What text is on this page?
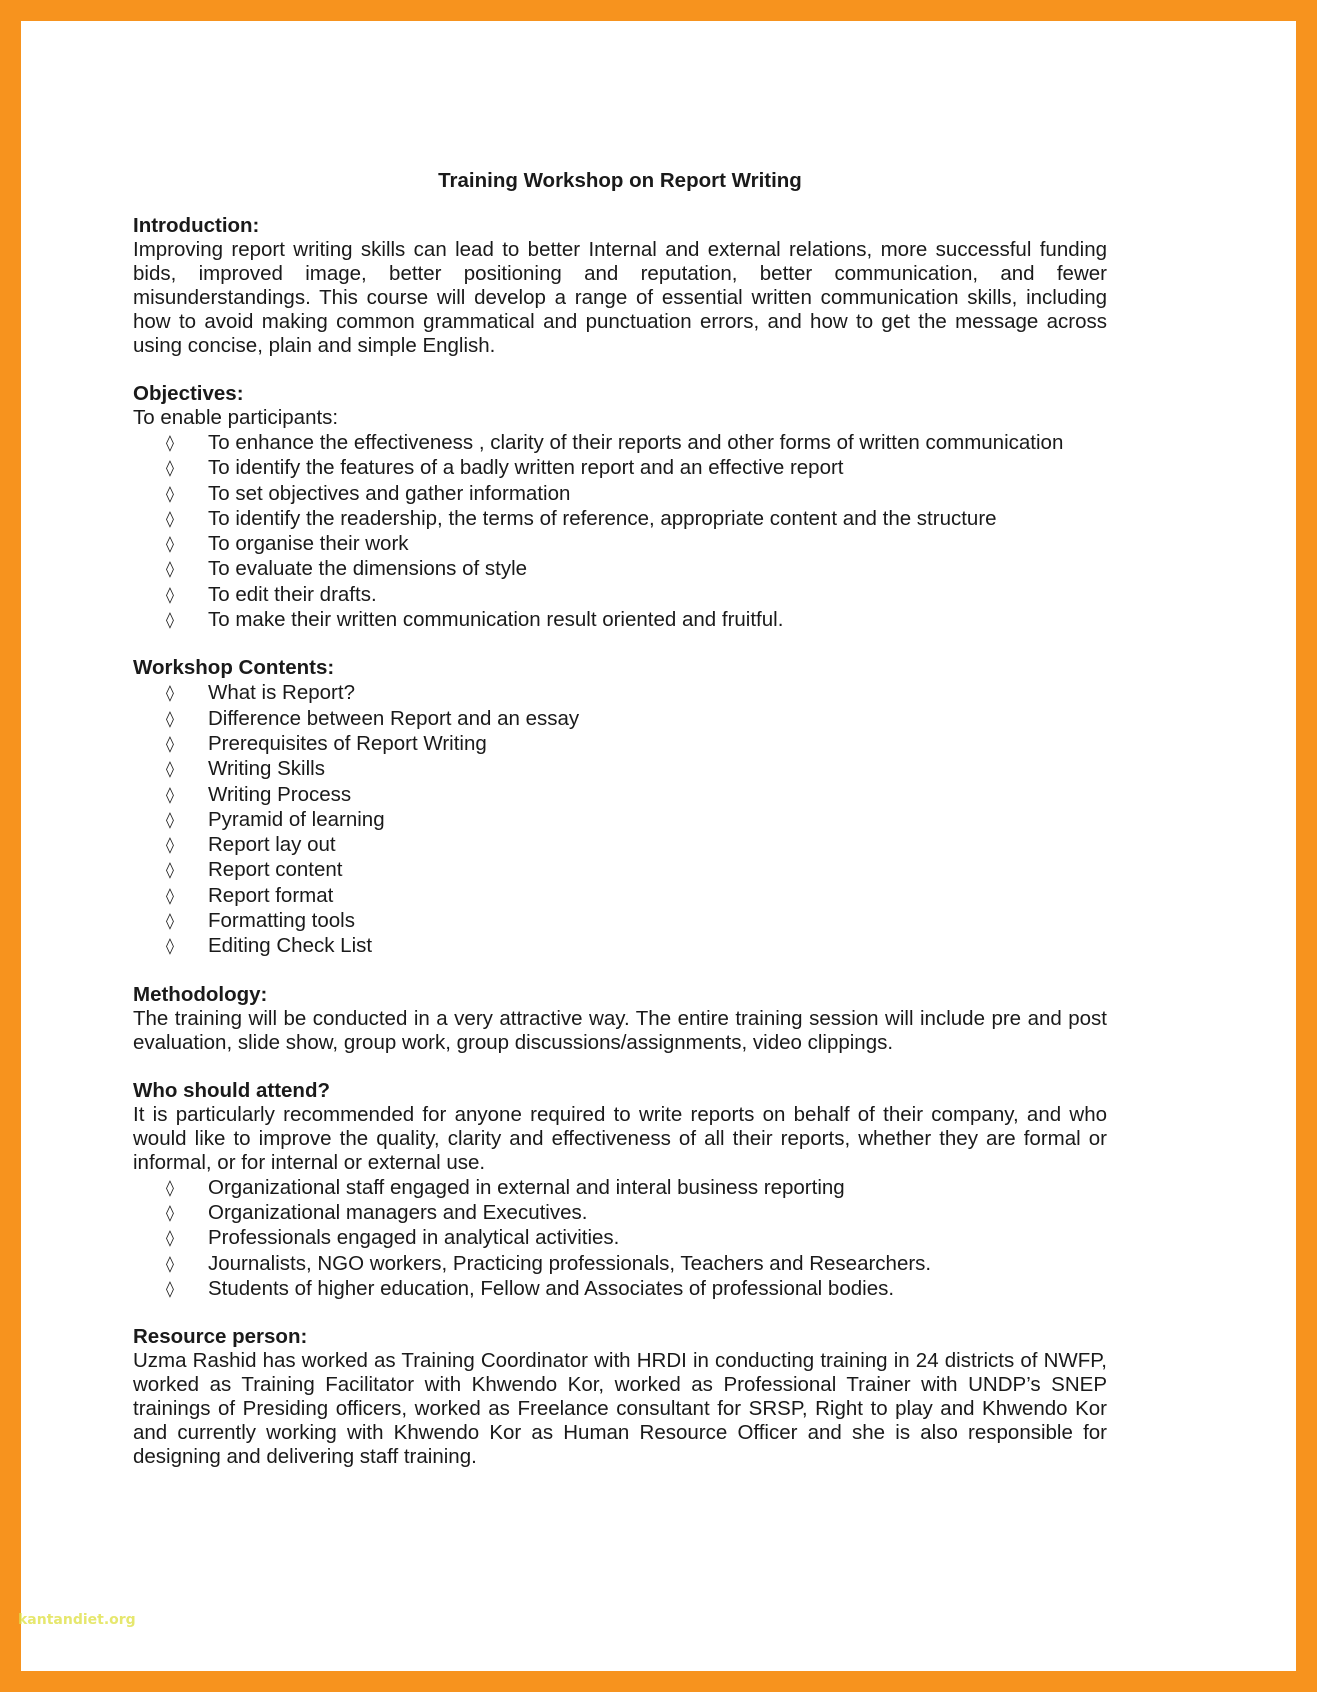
Training Workshop on Report Writing
Introduction:

Improving report writing skills can lead to better Internal and external relations, more successful funding bids, improved image, better positioning and reputation, better communication, and fewer misunderstandings. This course will develop a range of essential written communication skills, including how to avoid making common grammatical and punctuation errors, and how to get the message across using concise, plain and simple English.

Objectives:
To enable participants:
◊ To enhance the effectiveness , clarity of their reports and other forms of written communication
◊ To identify the features of a badly written report and an effective report
◊ To set objectives and gather information
◊ To identify the readership, the terms of reference, appropriate content and the structure
◊ To organise their work
◊ To evaluate the dimensions of style
◊ To edit their drafts.
◊ To make their written communication result oriented and fruitful.
Workshop Contents:
◊ What is Report?
◊ Difference between Report and an essay
◊ Prerequisites of Report Writing
◊ Writing Skills
◊ Writing Process
◊ Pyramid of learning
◊ Report lay out
◊ Report content
◊ Report format
◊ Formatting tools
◊ Editing Check List
Methodology:

The training will be conducted in a very attractive way. The entire training session will include pre and post evaluation, slide show, group work, group discussions/assignments, video clippings.

Who should attend?

It is particularly recommended for anyone required to write reports on behalf of their company, and who would like to improve the quality, clarity and effectiveness of all their reports, whether they are formal or informal, or for internal or external use.

◊ Organizational staff engaged in external and interal business reporting
◊ Organizational managers and Executives.
◊ Professionals engaged in analytical activities.
◊ Journalists, NGO workers, Practicing professionals, Teachers and Researchers.
◊ Students of higher education, Fellow and Associates of professional bodies.
Resource person:

Uzma Rashid has worked as Training Coordinator with HRDI in conducting training in 24 districts of NWFP, worked as Training Facilitator with Khwendo Kor, worked as Professional Trainer with UNDP’s SNEP trainings of Presiding officers, worked as Freelance consultant for SRSP, Right to play and Khwendo Kor and currently working with Khwendo Kor as Human Resource Officer and she is also responsible for designing and delivering staff training.

kantandiet.org
